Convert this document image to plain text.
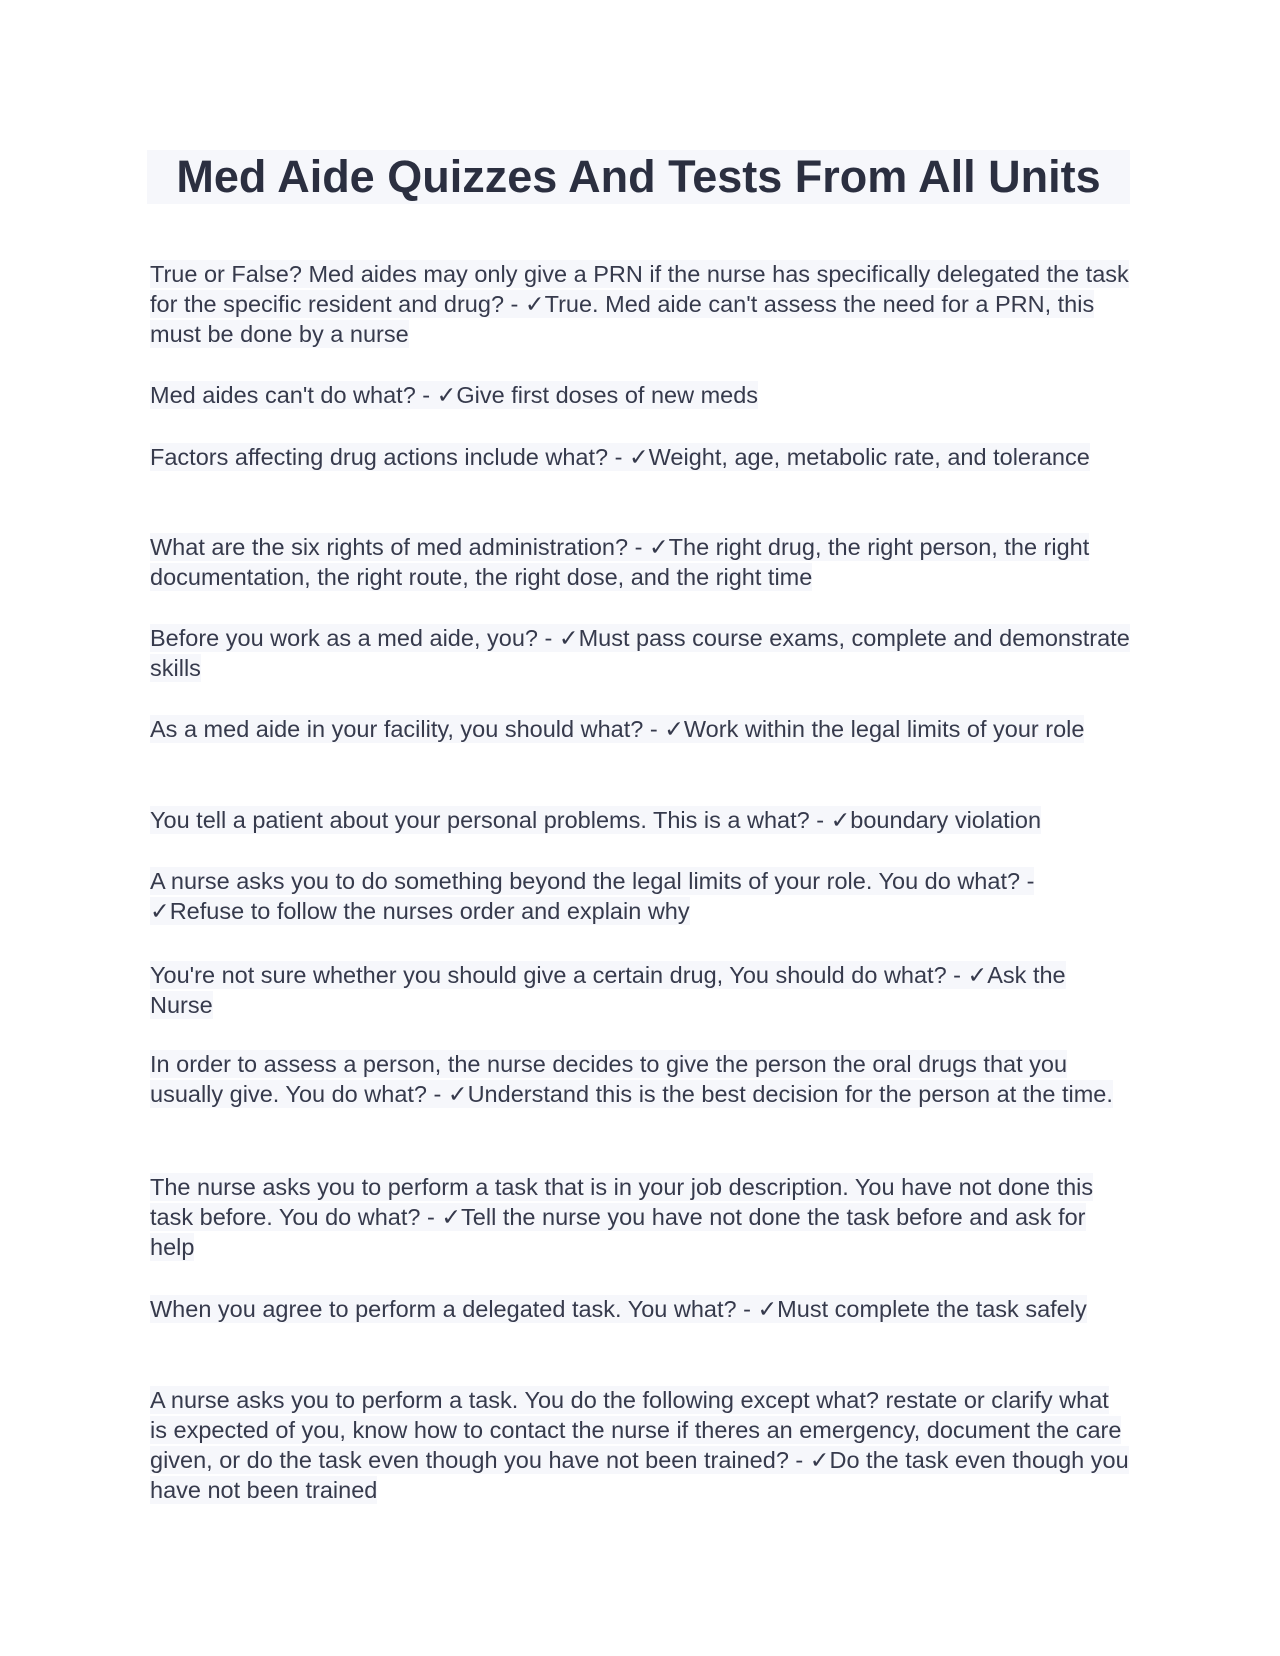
Med Aide Quizzes And Tests From All Units

True or False? Med aides may only give a PRN if the nurse has specifically delegated the task for the specific resident and drug? - ✓True. Med aide can't assess the need for a PRN, this must be done by a nurse

Med aides can't do what? - ✓Give first doses of new meds

Factors affecting drug actions include what? - ✓Weight, age, metabolic rate, and tolerance

What are the six rights of med administration? - ✓The right drug, the right person, the right documentation, the right route, the right dose, and the right time

Before you work as a med aide, you? - ✓Must pass course exams, complete and demonstrate skills

As a med aide in your facility, you should what? - ✓Work within the legal limits of your role

You tell a patient about your personal problems. This is a what? - ✓boundary violation

A nurse asks you to do something beyond the legal limits of your role. You do what? - ✓Refuse to follow the nurses order and explain why

You're not sure whether you should give a certain drug, You should do what? - ✓Ask the Nurse

In order to assess a person, the nurse decides to give the person the oral drugs that you usually give. You do what? - ✓Understand this is the best decision for the person at the time.

The nurse asks you to perform a task that is in your job description. You have not done this task before. You do what? - ✓Tell the nurse you have not done the task before and ask for help

When you agree to perform a delegated task. You what? - ✓Must complete the task safely

A nurse asks you to perform a task. You do the following except what? restate or clarify what is expected of you, know how to contact the nurse if theres an emergency, document the care given, or do the task even though you have not been trained? - ✓Do the task even though you have not been trained
